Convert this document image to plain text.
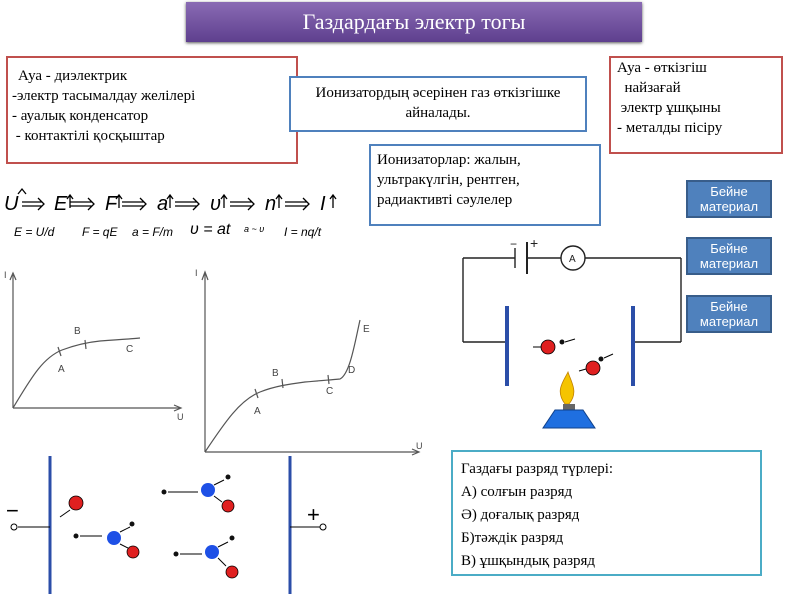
Газдардағы электр тогы
Ауа - диэлектрик
-электр тасымалдау желілері
- ауалық конденсатор
- контактілі қосқыштар
Ионизатордың әсерінен газ өткізгішке айналады.
Ауа - өткізгіш
найзағай
электр ұшқыны
- металды пісіру
Ионизаторлар: жалын, ультракүлгін, рентген, радиактивті сәулелер
Бейне материал
Бейне материал
Бейне материал
Газдағы разряд түрлері:
А) солғын разряд
Ә) доғалық разряд
Б)тәждік разряд
В) ұшқындық разряд
U E F a υ n I
E = U/d F = qE a = F/m υ = at a ~ υ I = nq/t
I
U
A
B
C
I
U
A
B
C
D
E
− +
A
−	+
